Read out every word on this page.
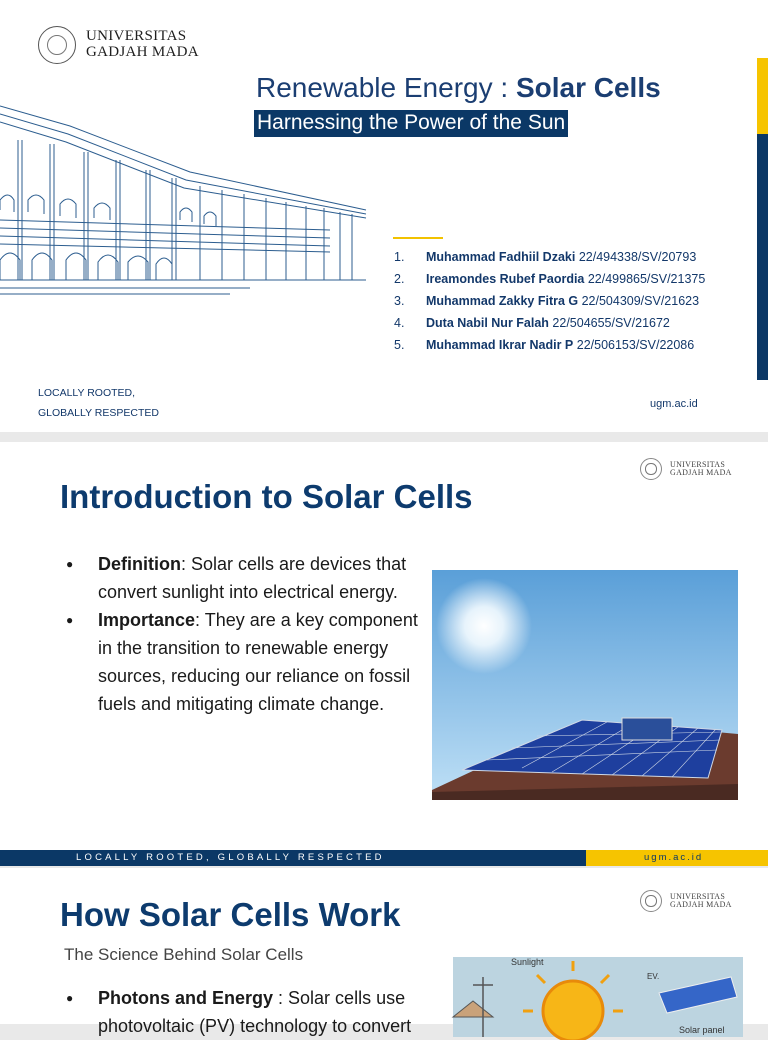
UNIVERSITAS
GADJAH MADA
Renewable Energy : Solar Cells
Harnessing the Power of the Sun
1. Muhammad Fadhiil Dzaki 22/494338/SV/20793
2. Ireamondes Rubef Paordia 22/499865/SV/21375
3. Muhammad Zakky Fitra G 22/504309/SV/21623
4. Duta Nabil Nur Falah 22/504655/SV/21672
5. Muhammad Ikrar Nadir P 22/506153/SV/22086
LOCALLY ROOTED,
GLOBALLY RESPECTED
ugm.ac.id
UNIVERSITAS
GADJAH MADA
Introduction to Solar Cells
● Definition: Solar cells are devices that convert sunlight into electrical energy.
● Importance: They are a key component in the transition to renewable energy sources, reducing our reliance on fossil fuels and mitigating climate change.
LOCALLY ROOTED, GLOBALLY RESPECTED	ugm.ac.id
UNIVERSITAS
GADJAH MADA
How Solar Cells Work
The Science Behind Solar Cells
● Photons and Energy : Solar cells use photovoltaic (PV) technology to convert
Sunlight
EV.
Solar panel
